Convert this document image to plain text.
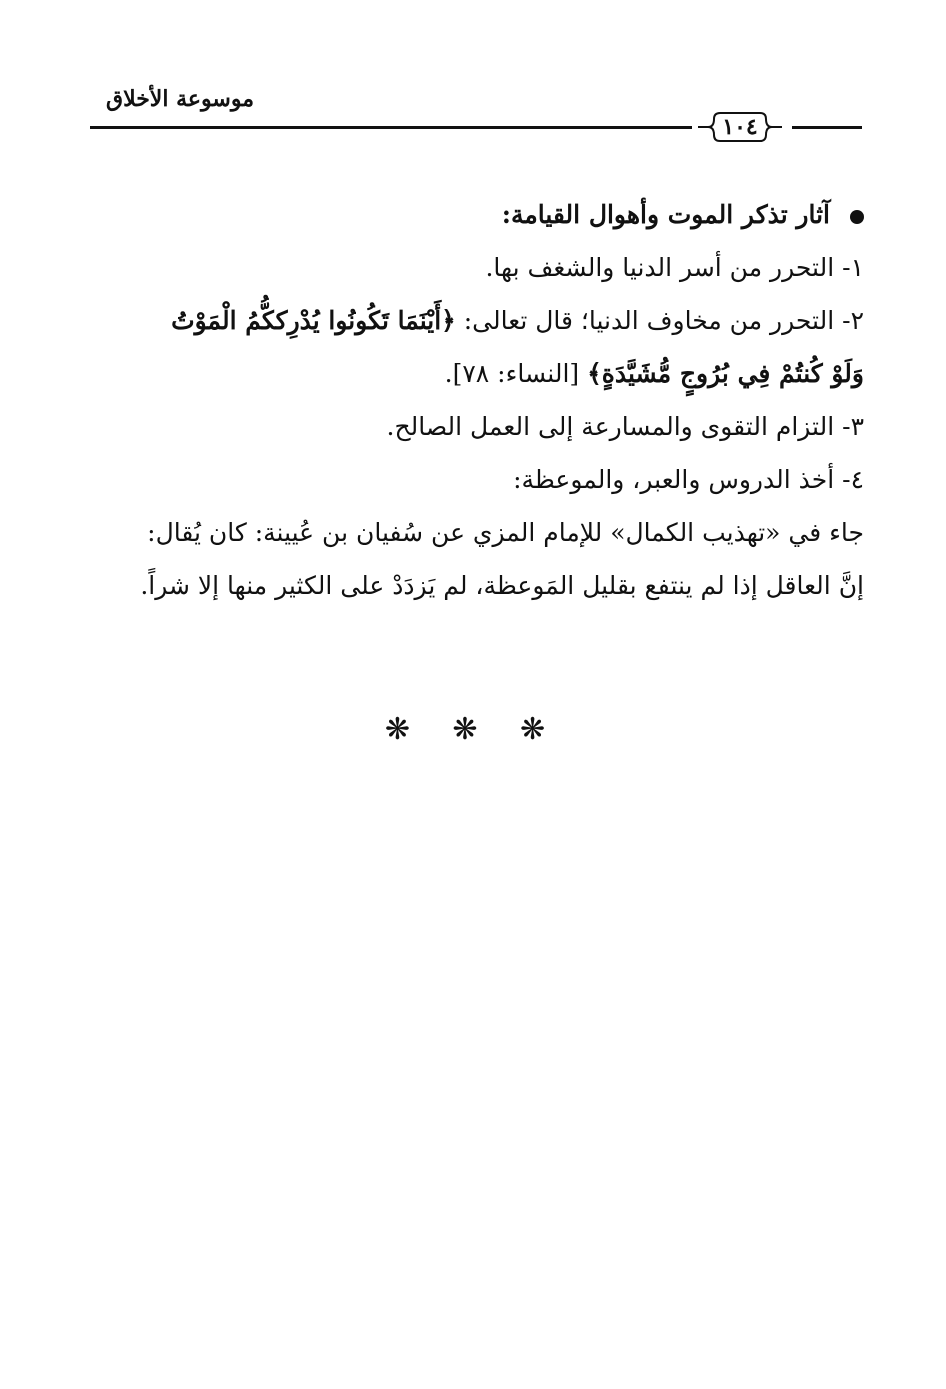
موسوعة الأخلاق
١٠٤
آثار تذكر الموت وأهوال القيامة:
١- التحرر من أسر الدنيا والشغف بها.
٢- التحرر من مخاوف الدنيا؛ قال تعالى: ﴿أَيْنَمَا تَكُونُوا يُدْرِككُّمُ الْمَوْتُ
وَلَوْ كُنتُمْ فِي بُرُوجٍ مُّشَيَّدَةٍ﴾ [النساء: ٧٨].
٣- التزام التقوى والمسارعة إلى العمل الصالح.
٤- أخذ الدروس والعبر، والموعظة:
جاء في «تهذيب الكمال» للإمام المزي عن سُفيان بن عُيينة: كان يُقال:
إنَّ العاقل إذا لم ينتفع بقليل المَوعظة، لم يَزدَدْ على الكثير منها إلا شراً.
❋ ❋ ❋
